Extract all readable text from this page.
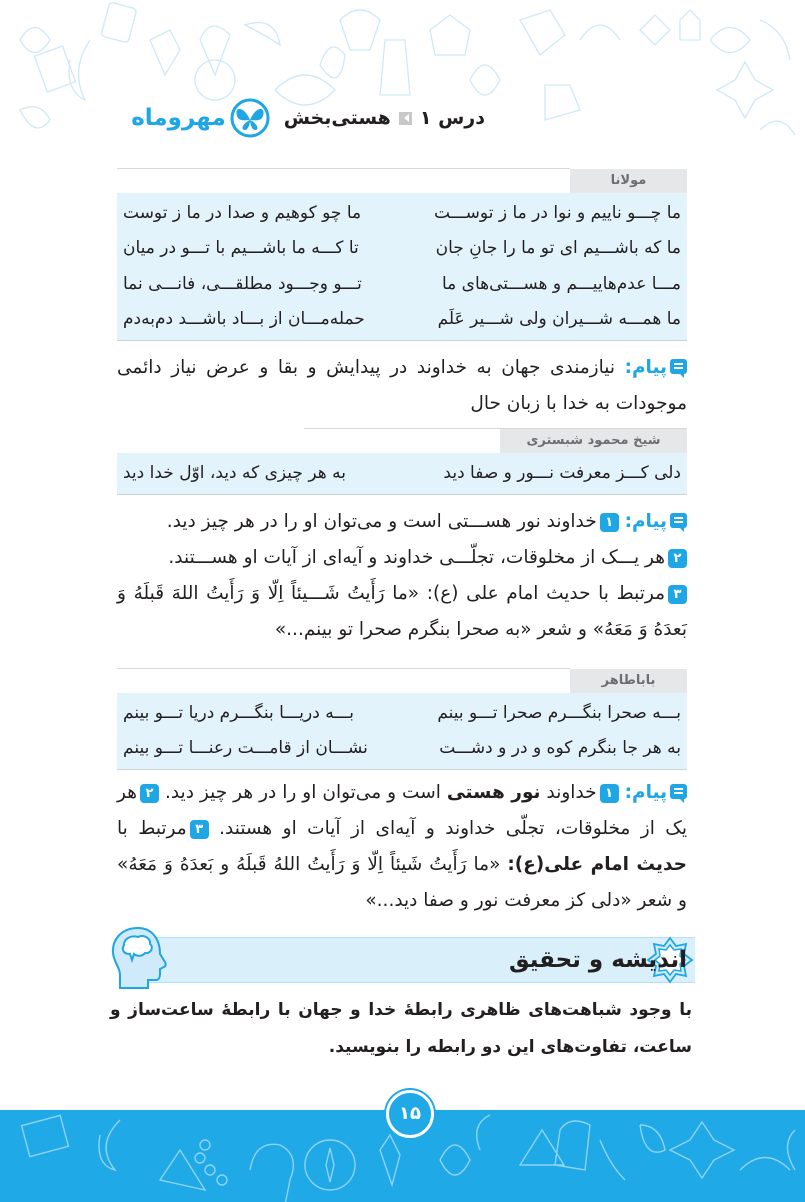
درس ۱
هستی‌بخش
مهروماه
مولانا
ما چـــو ناییم و نوا در ما ز توســـت
ما چو کوهیم و صدا در ما ز توست
ما که باشـــیم ای تو ما را جانِ جان
تا کـــه ما باشـــیم با تـــو در میان
مـــا عدم‌هاییـــم و هســـتی‌های ما
تـــو وجـــود مطلقـــی، فانـــی نما
ما همـــه شـــیران ولی شـــیر عَلَم
حمله‌مـــان از بـــاد باشـــد دم‌به‌دم
پیام: نیازمندی جهان به خداوند در پیدایش و بقا و عرض نیاز دائمی موجودات به خدا با زبان حال
شیخ محمود شبستری
دلی کـــز معرفت نـــور و صفا دید
به هر چیزی که دید، اوّل خدا دید
پیام: ۱خداوند نور هســـتی است و می‌توان او را در هر چیز دید.
۲هر یـــک از مخلوقات، تجلّـــی خداوند و آیه‌ای از آیات او هســـتند.
۳مرتبط با حدیث امام علی (ع): «ما رَأَیتُ شَـــیئاً اِلّا وَ رَأَیتُ اللهَ قَبلَهُ وَ بَعدَهُ وَ مَعَهُ» و شعر «به صحرا بنگرم صحرا تو بینم...»
باباطاهر
بـــه صحرا بنگـــرم صحرا تـــو بینم
بـــه دریـــا بنگـــرم دریا تـــو بینم
به هر جا بنگرم کوه و در و دشـــت
نشـــان از قامـــت رعنـــا تـــو بینم
پیام: ۱خداوند نور هستی است و می‌توان او را در هر چیز دید. ۲هر یک از مخلوقات، تجلّی خداوند و آیه‌ای از آیات او هستند. ۳مرتبط با حدیث امام علی(ع): «ما رَأَیتُ شَیئاً اِلّا وَ رَأَیتُ اللهُ قَبلَهُ و بَعدَهُ وَ مَعَهُ» و شعر «دلی کز معرفت نور و صفا دید...»
اندیشه و تحقیق
با وجود شباهت‌های ظاهری رابطهٔ خدا و جهان با رابطهٔ ساعت‌ساز و ساعت، تفاوت‌های این دو رابطه را بنویسید.
۱۵
